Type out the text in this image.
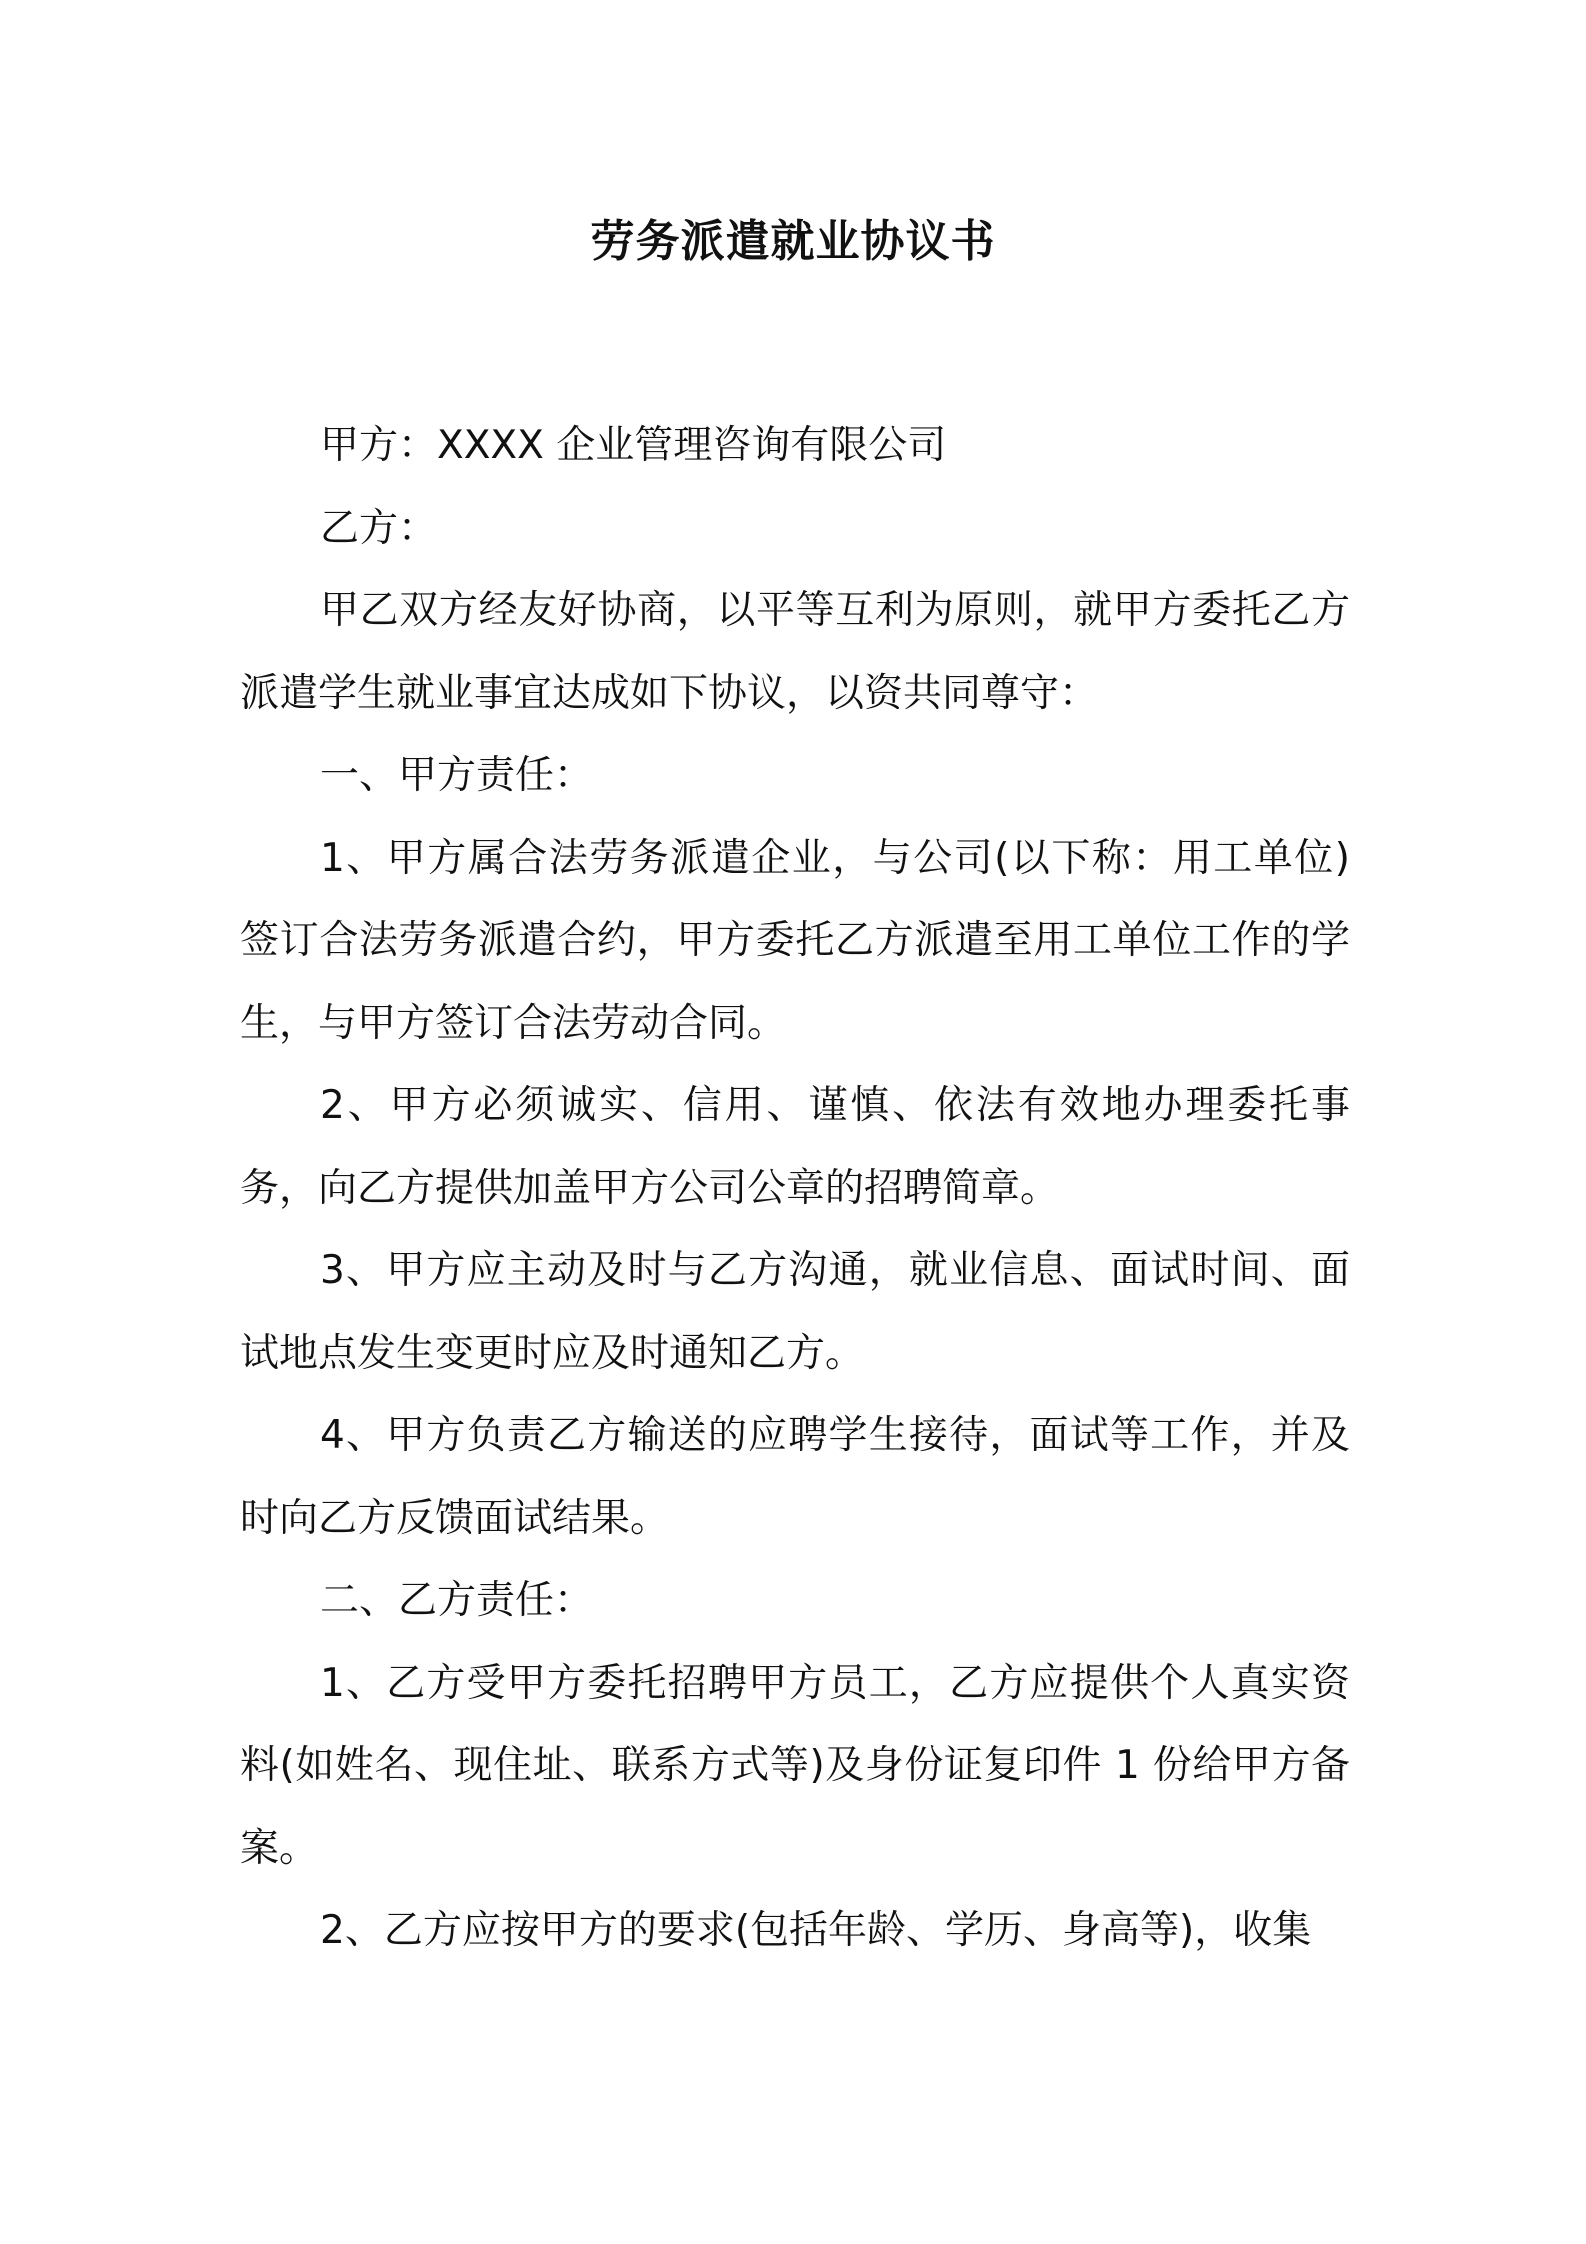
劳务派遣就业协议书

甲方：XXXX 企业管理咨询有限公司

乙方：

甲乙双方经友好协商，以平等互利为原则，就甲方委托乙方派遣学生就业事宜达成如下协议，以资共同尊守：

一、甲方责任：

1、甲方属合法劳务派遣企业，与公司(以下称：用工单位)签订合法劳务派遣合约，甲方委托乙方派遣至用工单位工作的学生，与甲方签订合法劳动合同。

2、甲方必须诚实、信用、谨慎、依法有效地办理委托事务，向乙方提供加盖甲方公司公章的招聘简章。

3、甲方应主动及时与乙方沟通，就业信息、面试时间、面试地点发生变更时应及时通知乙方。

4、甲方负责乙方输送的应聘学生接待，面试等工作，并及时向乙方反馈面试结果。

二、乙方责任：

1、乙方受甲方委托招聘甲方员工，乙方应提供个人真实资料(如姓名、现住址、联系方式等)及身份证复印件 1 份给甲方备案。

2、乙方应按甲方的要求(包括年龄、学历、身高等)，收集
